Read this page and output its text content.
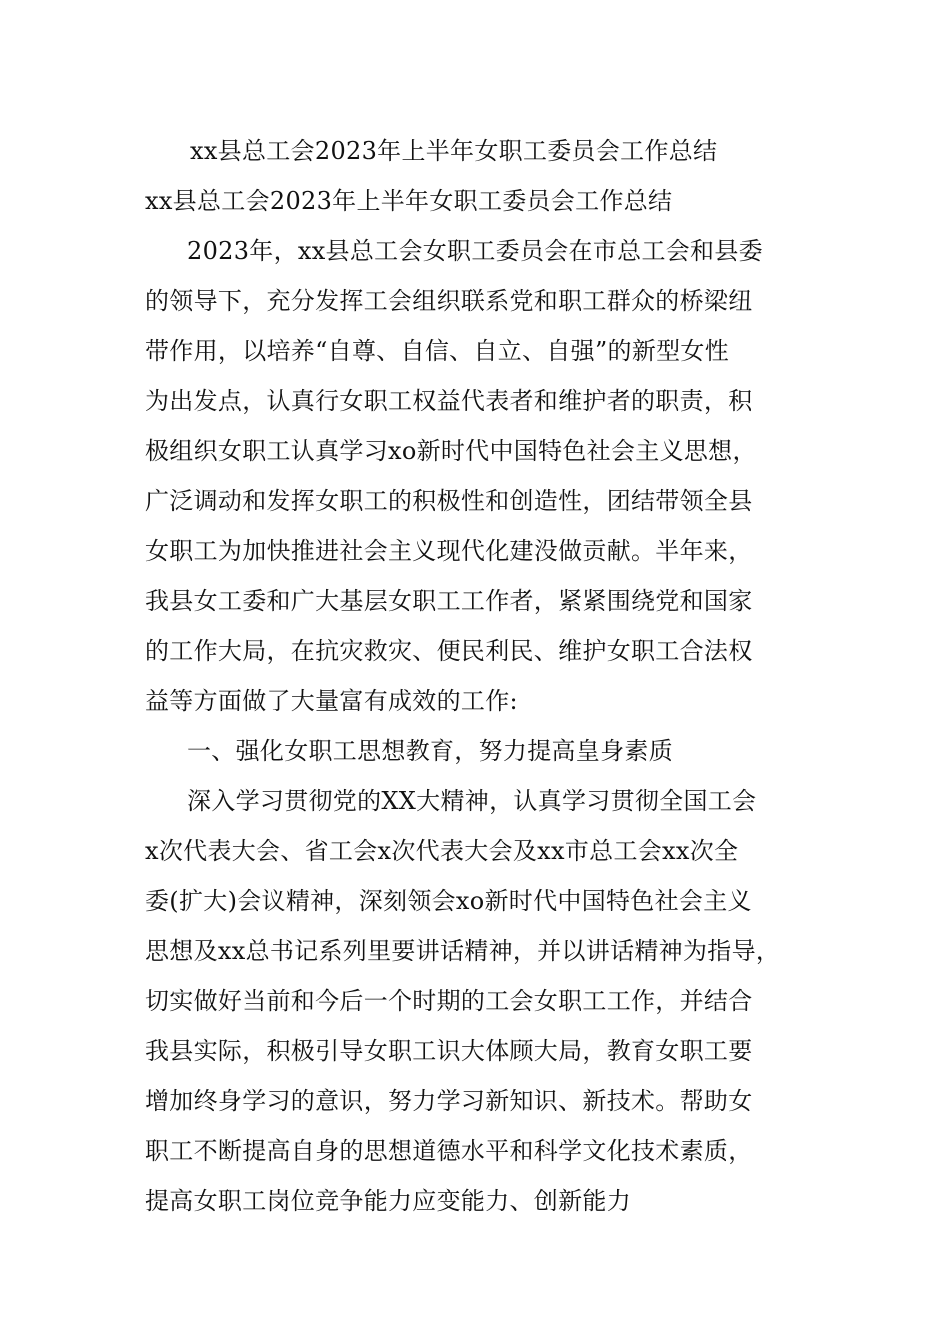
xx县总工会2023年上半年女职工委员会工作总结
xx县总工会2023年上半年女职工委员会工作总结
2023年，xx县总工会女职工委员会在市总工会和县委
的领导下，充分发挥工会组织联系党和职工群众的桥梁纽
带作用，以培养“自尊、自信、自立、自强”的新型女性
为出发点，认真行女职工权益代表者和维护者的职责，积
极组织女职工认真学习xo新时代中国特色社会主义思想，
广泛调动和发挥女职工的积极性和创造性，团结带领全县
女职工为加快推进社会主义现代化建没做贡献。半年来，
我县女工委和广大基层女职工工作者，紧紧围绕党和国家
的工作大局，在抗灾救灾、便民利民、维护女职工合法权
益等方面做了大量富有成效的工作:
一、强化女职工思想教育，努力提高皇身素质
深入学习贯彻党的XX大精神，认真学习贯彻全国工会
x次代表大会、省工会x次代表大会及xx市总工会xx次全
委(扩大)会议精神，深刻领会xo新时代中国特色社会主义
思想及xx总书记系列里要讲话精神，并以讲话精神为指导，
切实做好当前和今后一个时期的工会女职工工作，并结合
我县实际，积极引导女职工识大体顾大局，教育女职工要
增加终身学习的意识，努力学习新知识、新技术。帮助女
职工不断提高自身的思想道德水平和科学文化技术素质，
提高女职工岗位竞争能力应变能力、创新能力
